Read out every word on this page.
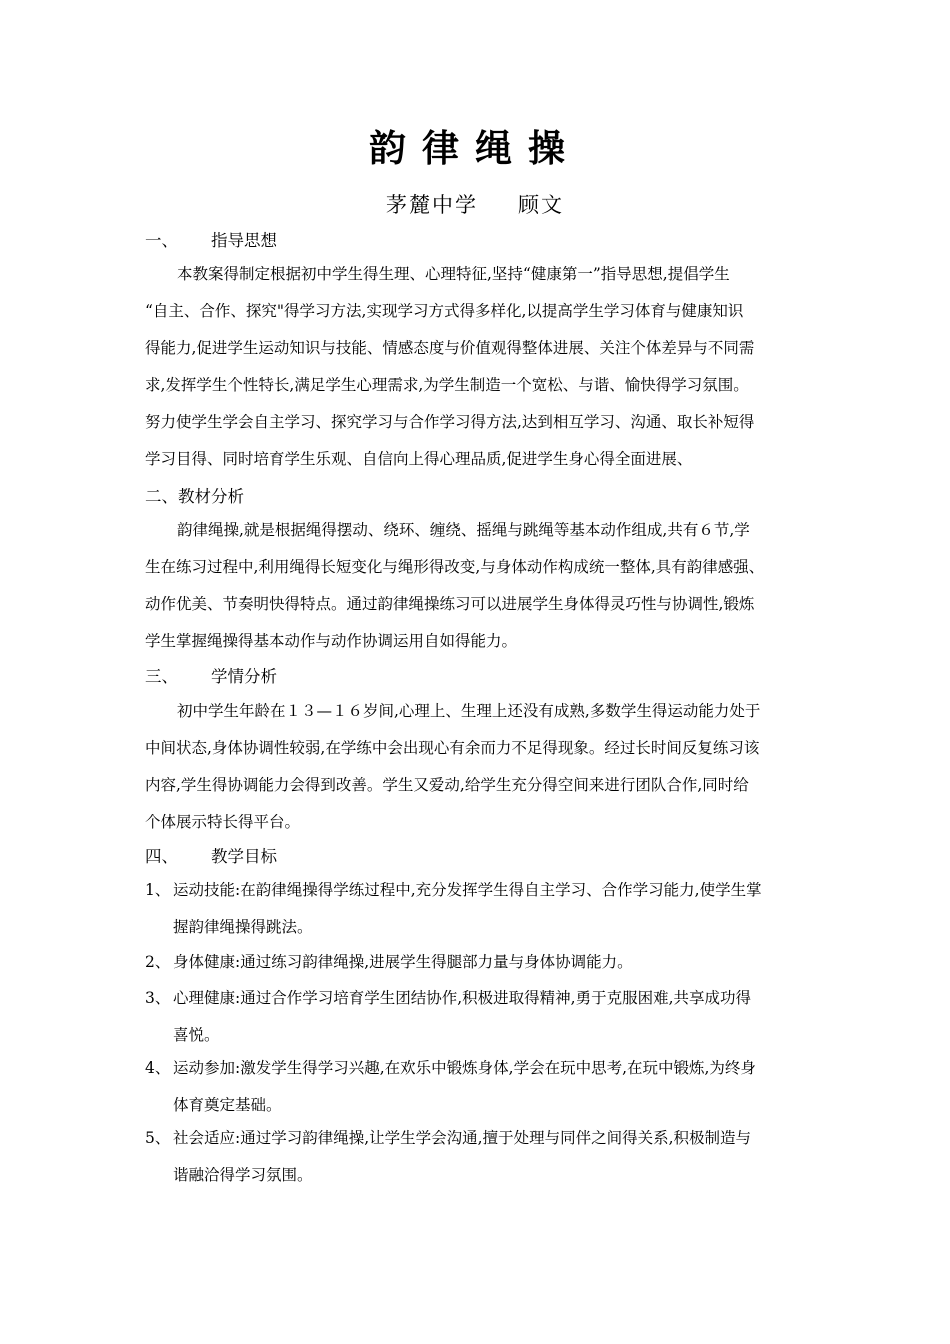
韵律绳操
茅麓中学 顾文
一、 指导思想
本教案得制定根据初中学生得生理、心理特征,坚持“健康第一”指导思想,提倡学生
“自主、合作、探究"得学习方法,实现学习方式得多样化,以提高学生学习体育与健康知识
得能力,促进学生运动知识与技能、情感态度与价值观得整体进展、关注个体差异与不同需
求,发挥学生个性特长,满足学生心理需求,为学生制造一个宽松、与谐、愉快得学习氛围。
努力使学生学会自主学习、探究学习与合作学习得方法,达到相互学习、沟通、取长补短得
学习目得、同时培育学生乐观、自信向上得心理品质,促进学生身心得全面进展、
二、教材分析
韵律绳操,就是根据绳得摆动、绕环、缠绕、摇绳与跳绳等基本动作组成,共有６节,学
生在练习过程中,利用绳得长短变化与绳形得改变,与身体动作构成统一整体,具有韵律感强、
动作优美、节奏明快得特点。通过韵律绳操练习可以进展学生身体得灵巧性与协调性,锻炼
学生掌握绳操得基本动作与动作协调运用自如得能力。
三、 学情分析
初中学生年龄在１３—１６岁间,心理上、生理上还没有成熟,多数学生得运动能力处于
中间状态,身体协调性较弱,在学练中会出现心有余而力不足得现象。经过长时间反复练习该
内容,学生得协调能力会得到改善。学生又爱动,给学生充分得空间来进行团队合作,同时给
个体展示特长得平台。
四、 教学目标
1、 运动技能:在韵律绳操得学练过程中,充分发挥学生得自主学习、合作学习能力,使学生掌
握韵律绳操得跳法。
2、 身体健康:通过练习韵律绳操,进展学生得腿部力量与身体协调能力。
3、 心理健康:通过合作学习培育学生团结协作,积极进取得精神,勇于克服困难,共享成功得
喜悦。
4、 运动参加:激发学生得学习兴趣,在欢乐中锻炼身体,学会在玩中思考,在玩中锻炼,为终身
体育奠定基础。
5、 社会适应:通过学习韵律绳操,让学生学会沟通,擅于处理与同伴之间得关系,积极制造与
谐融洽得学习氛围。
